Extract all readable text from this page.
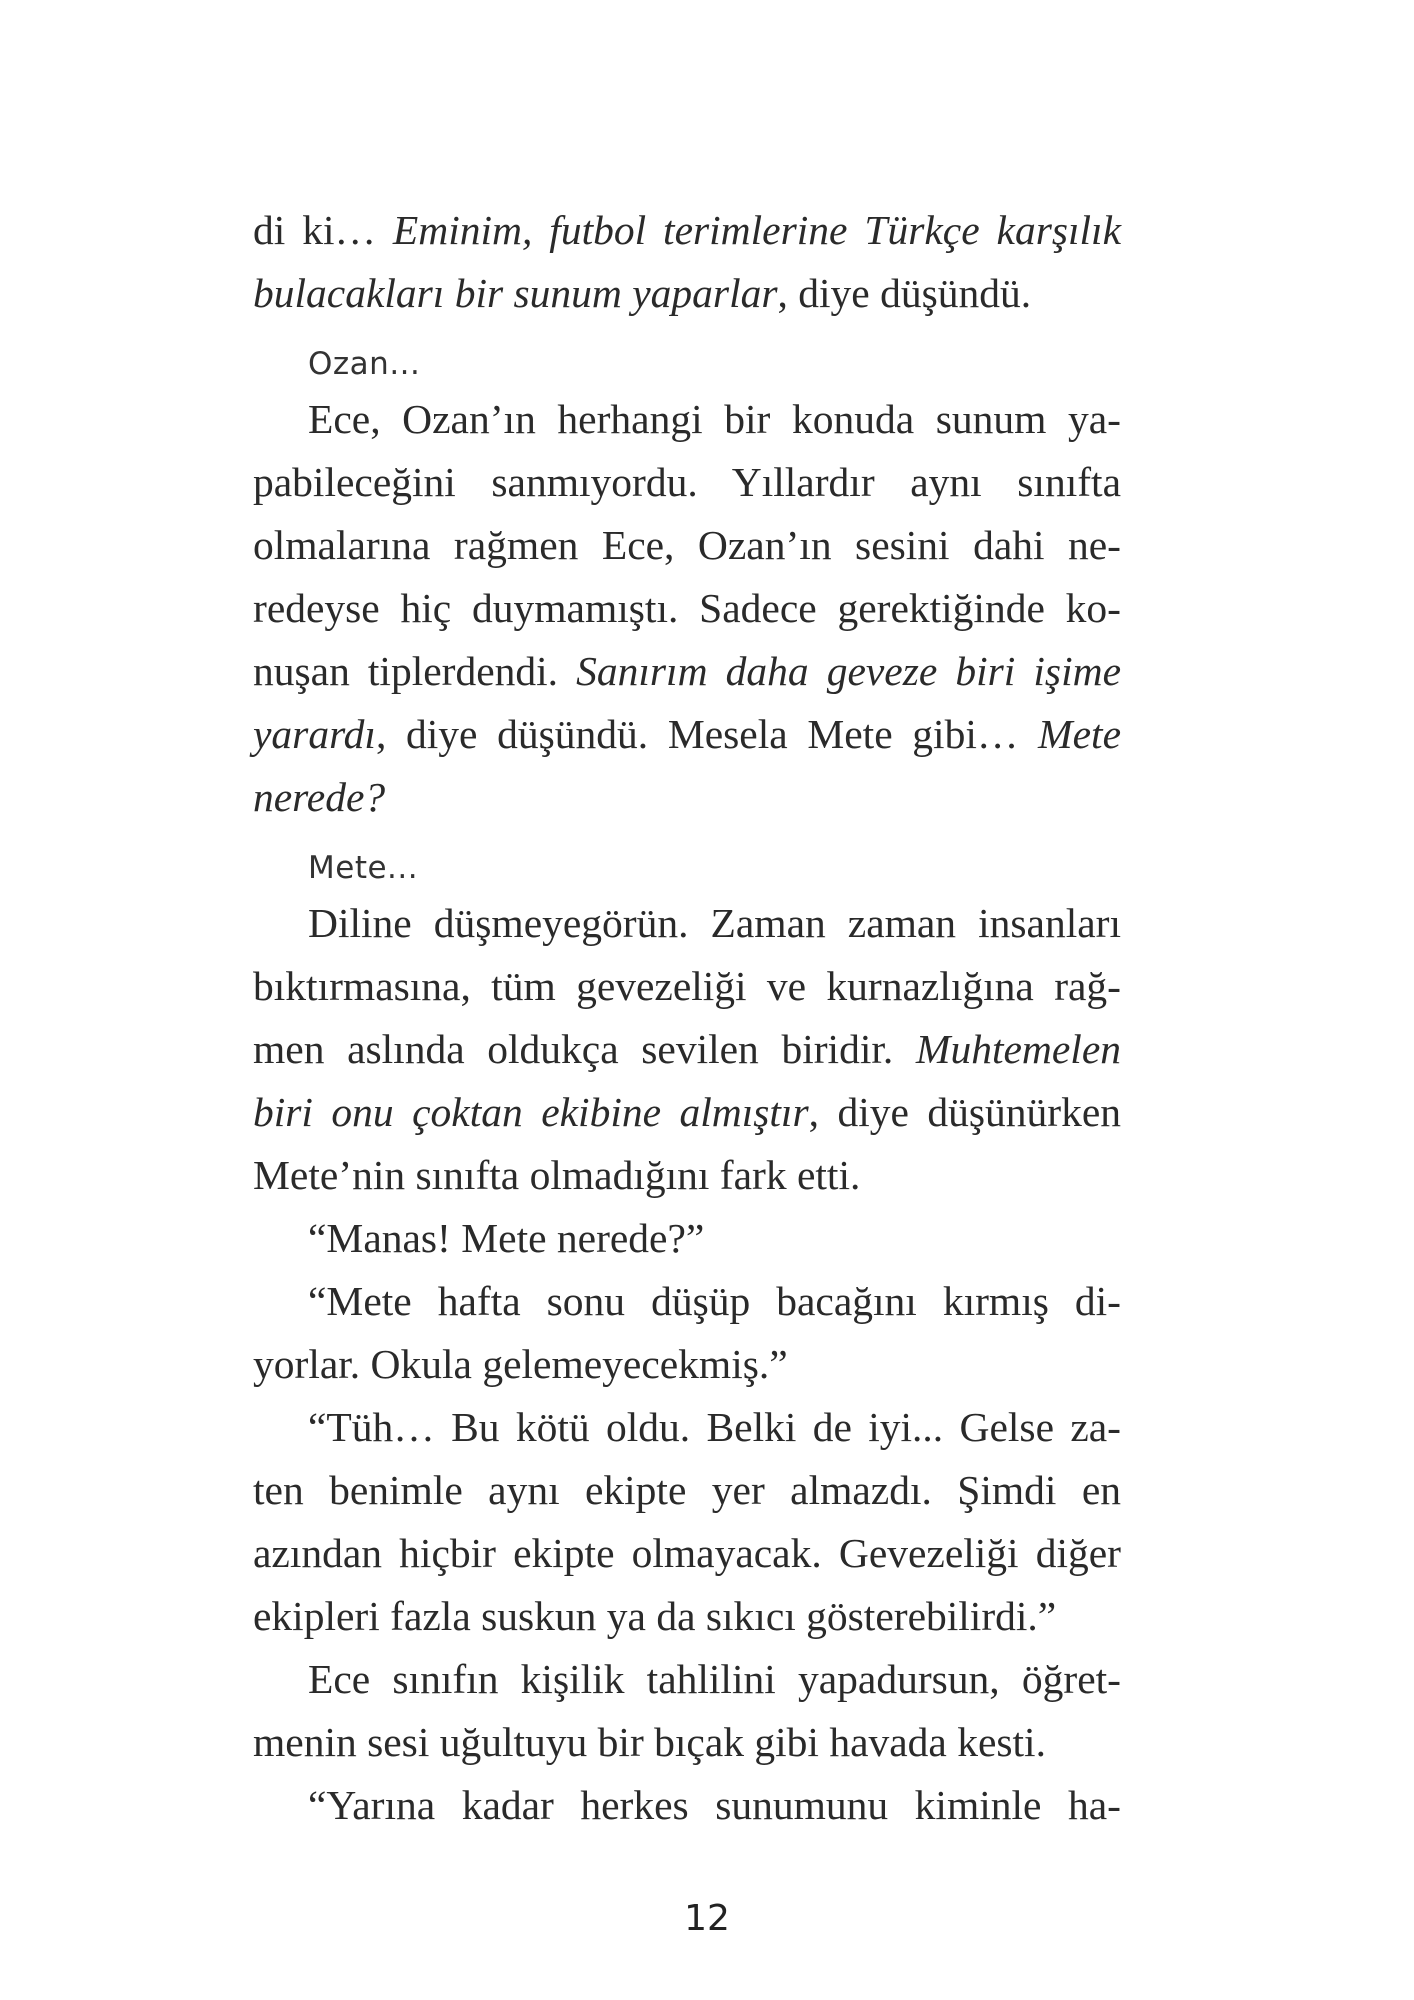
di ki… Eminim, futbol terimlerine Türkçe karşılık
bulacakları bir sunum yaparlar, diye düşündü.
Ozan...
Ece, Ozan’ın herhangi bir konuda sunum ya-
pabileceğini sanmıyordu. Yıllardır aynı sınıfta
olmalarına rağmen Ece, Ozan’ın sesini dahi ne-
redeyse hiç duymamıştı. Sadece gerektiğinde ko-
nuşan tiplerdendi. Sanırım daha geveze biri işime
yarardı, diye düşündü. Mesela Mete gibi… Mete
nerede?
Mete...
Diline düşmeyegörün. Zaman zaman insanları
bıktırmasına, tüm gevezeliği ve kurnazlığına rağ-
men aslında oldukça sevilen biridir. Muhtemelen
biri onu çoktan ekibine almıştır, diye düşünürken
Mete’nin sınıfta olmadığını fark etti.
“Manas! Mete nerede?”
“Mete hafta sonu düşüp bacağını kırmış di-
yorlar. Okula gelemeyecekmiş.”
“Tüh… Bu kötü oldu. Belki de iyi... Gelse za-
ten benimle aynı ekipte yer almazdı. Şimdi en
azından hiçbir ekipte olmayacak. Gevezeliği diğer
ekipleri fazla suskun ya da sıkıcı gösterebilirdi.”
Ece sınıfın kişilik tahlilini yapadursun, öğret-
menin sesi uğultuyu bir bıçak gibi havada kesti.
“Yarına kadar herkes sunumunu kiminle ha-
12
